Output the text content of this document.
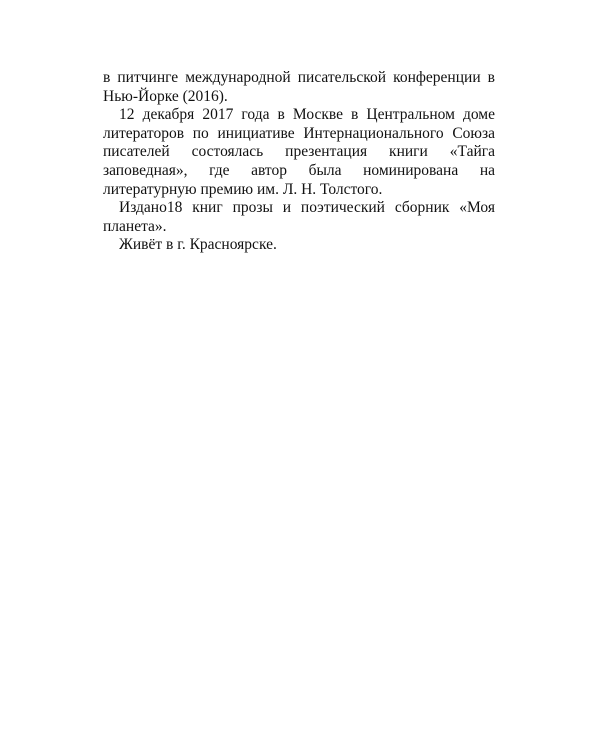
в питчинге международной писательской конференции в Нью-Йорке (2016).

12 декабря 2017 года в Москве в Центральном доме литераторов по инициативе Интернационального Союза писателей состоялась презентация книги «Тайга заповедная», где автор была номинирована на литературную премию им. Л. Н. Толстого.

Издано18 книг прозы и поэтический сборник «Моя планета».

Живёт в г. Красноярске.
